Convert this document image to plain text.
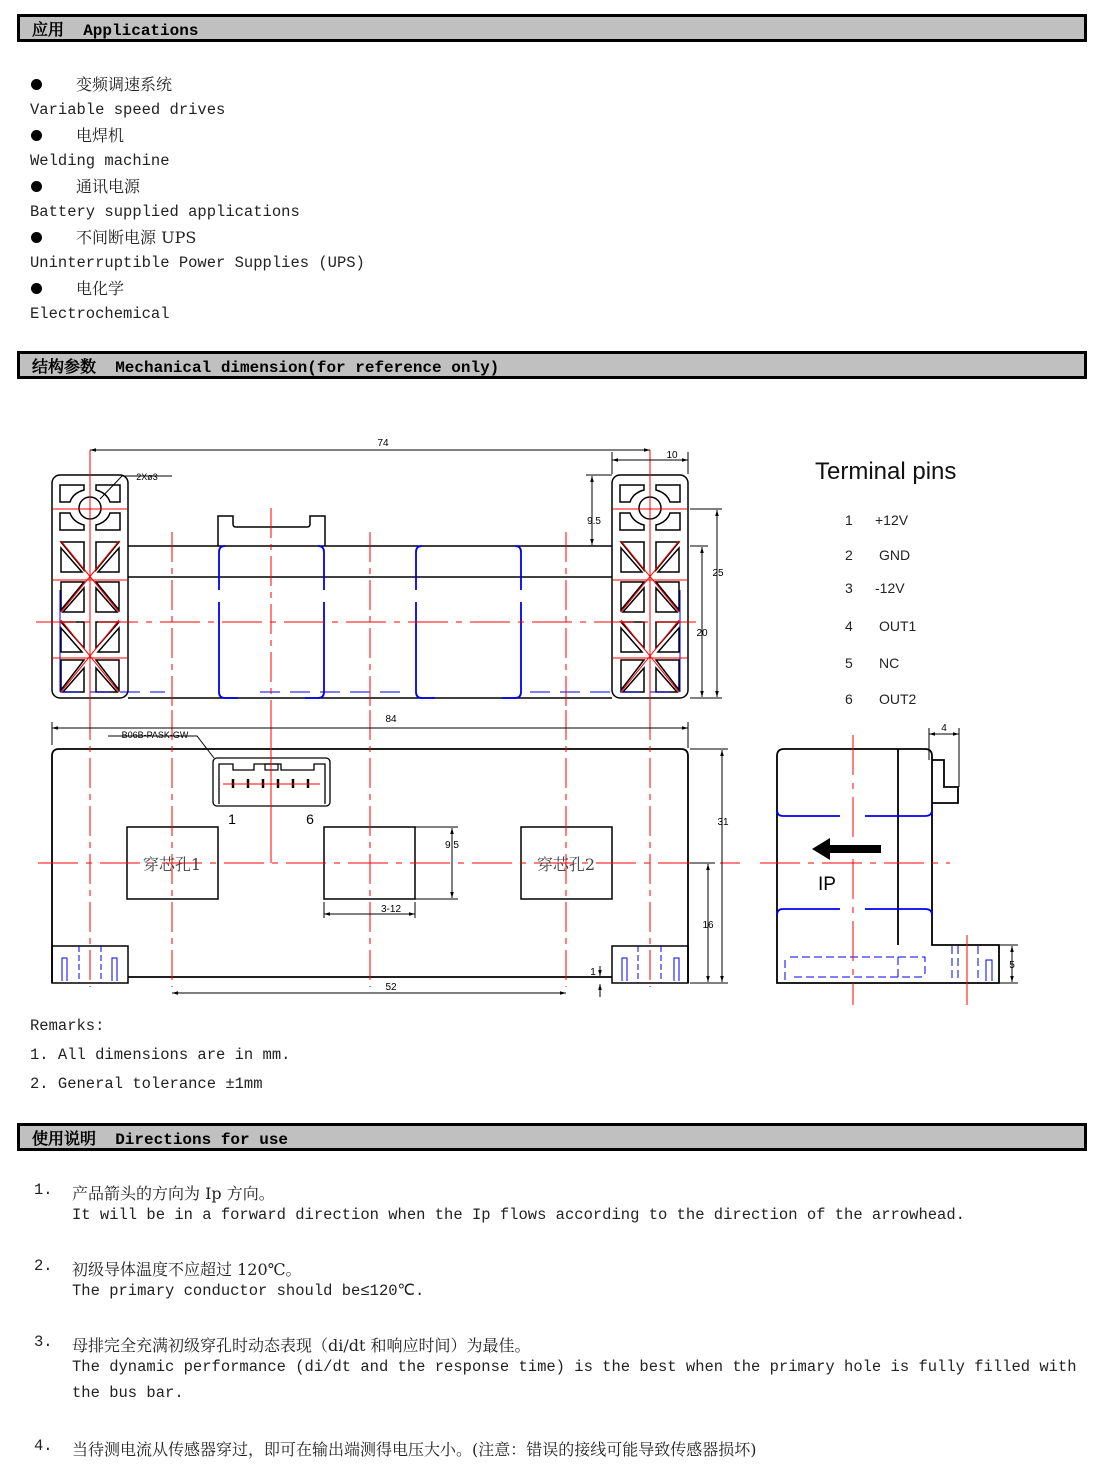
应用  Applications
变频调速系统
Variable speed drives
电焊机
Welding machine
通讯电源
Battery supplied applications
不间断电源 UPS
Uninterruptible Power Supplies (UPS)
电化学
Electrochemical
结构参数  Mechanical dimension(for reference only)
74
10
2Xø3
9.5
25
20
84
B06B-PASK-GW
1	6
穿芯孔1	穿芯孔2
9.5
3-12
52
31
16
1
IP
4
5
Terminal pins
1 +12V
2 GND
3 -12V
4 OUT1
5 NC
6 OUT2
Remarks:
1. All dimensions are in mm.
2. General tolerance ±1mm
使用说明  Directions for use
1. 产品箭头的方向为 Ip 方向。
It will be in a forward direction when the Ip flows according to the direction of the arrowhead.
2. 初级导体温度不应超过 120℃。
The primary conductor should be≤120℃.
3. 母排完全充满初级穿孔时动态表现（di/dt 和响应时间）为最佳。
The dynamic performance (di/dt and the response time) is the best when the primary hole is fully filled with
the bus bar.
4. 当待测电流从传感器穿过，即可在输出端测得电压大小。(注意：错误的接线可能导致传感器损坏)
